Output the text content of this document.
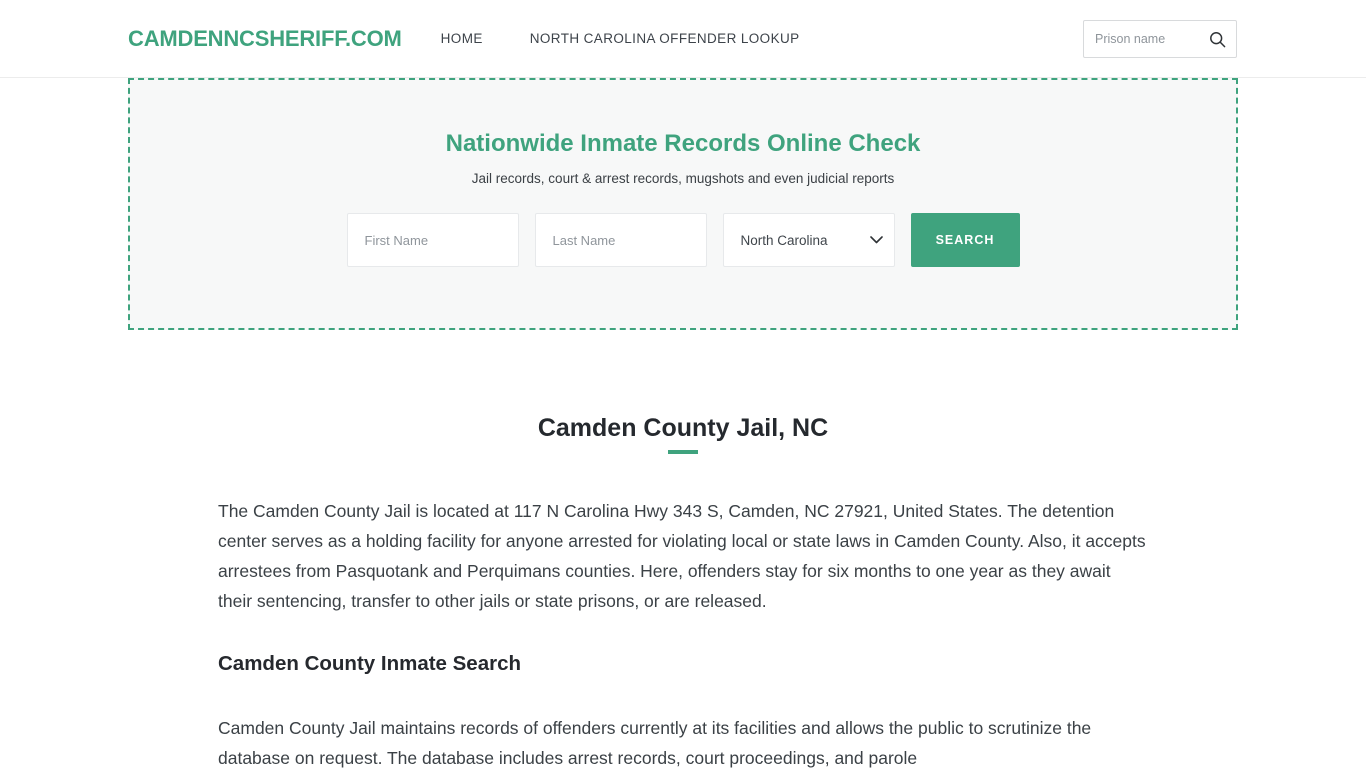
CAMDENNCSHERIFF.COM	HOME	NORTH CAROLINA OFFENDER LOOKUP
Prison name
Nationwide Inmate Records Online Check

Jail records, court & arrest records, mugshots and even judicial reports

First Name
Last Name
North Carolina
SEARCH
Camden County Jail, NC

The Camden County Jail is located at 117 N Carolina Hwy 343 S, Camden, NC 27921, United States. The detention center serves as a holding facility for anyone arrested for violating local or state laws in Camden County. Also, it accepts arrestees from Pasquotank and Perquimans counties. Here, offenders stay for six months to one year as they await their sentencing, transfer to other jails or state prisons, or are released.

Camden County Inmate Search

Camden County Jail maintains records of offenders currently at its facilities and allows the public to scrutinize the database on request. The database includes arrest records, court proceedings, and parole
